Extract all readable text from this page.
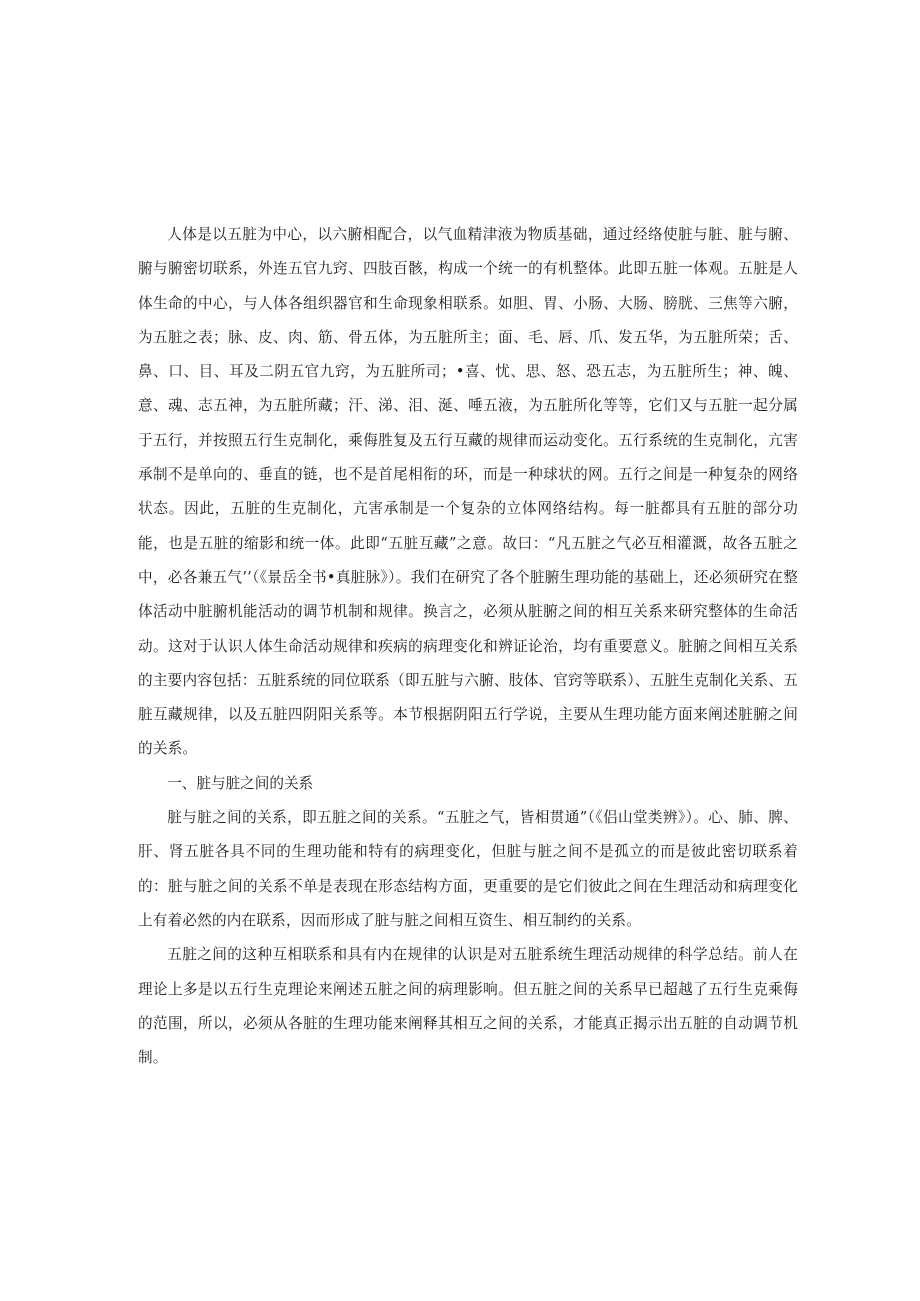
人体是以五脏为中心，以六腑相配合，以气血精津液为物质基础，通过经络使脏与脏、脏与腑、腑与腑密切联系，外连五官九窍、四肢百骸，构成一个统一的有机整体。此即五脏一体观。五脏是人体生命的中心，与人体各组织器官和生命现象相联系。如胆、胃、小肠、大肠、膀胱、三焦等六腑，为五脏之表；脉、皮、肉、筋、骨五体，为五脏所主；面、毛、唇、爪、发五华，为五脏所荣；舌、鼻、口、目、耳及二阴五官九窍，为五脏所司；•喜、忧、思、怒、恐五志，为五脏所生；神、魄、意、魂、志五神，为五脏所藏；汗、涕、泪、涎、唾五液，为五脏所化等等，它们又与五脏一起分属于五行，并按照五行生克制化，乘侮胜复及五行互藏的规律而运动变化。五行系统的生克制化，亢害承制不是单向的、垂直的链，也不是首尾相衔的环，而是一种球状的网。五行之间是一种复杂的网络状态。因此，五脏的生克制化，亢害承制是一个复杂的立体网络结构。每一脏都具有五脏的部分功能，也是五脏的缩影和统一体。此即“五脏互藏”之意。故曰：“凡五脏之气必互相灌溉，故各五脏之中，必各兼五气’’（《景岳全书•真脏脉》）。我们在研究了各个脏腑生理功能的基础上，还必须研究在整体活动中脏腑机能活动的调节机制和规律。换言之，必须从脏腑之间的相互关系来研究整体的生命活动。这对于认识人体生命活动规律和疾病的病理变化和辨证论治，均有重要意义。脏腑之间相互关系的主要内容包括：五脏系统的同位联系（即五脏与六腑、肢体、官窍等联系）、五脏生克制化关系、五脏互藏规律，以及五脏四阴阳关系等。本节根据阴阳五行学说，主要从生理功能方面来阐述脏腑之间的关系。

一、脏与脏之间的关系

脏与脏之间的关系，即五脏之间的关系。“五脏之气，皆相贯通”（《侣山堂类辨》）。心、肺、脾、肝、肾五脏各具不同的生理功能和特有的病理变化，但脏与脏之间不是孤立的而是彼此密切联系着的：脏与脏之间的关系不单是表现在形态结构方面，更重要的是它们彼此之间在生理活动和病理变化上有着必然的内在联系，因而形成了脏与脏之间相互资生、相互制约的关系。

五脏之间的这种互相联系和具有内在规律的认识是对五脏系统生理活动规律的科学总结。前人在理论上多是以五行生克理论来阐述五脏之间的病理影响。但五脏之间的关系早已超越了五行生克乘侮的范围，所以，必须从各脏的生理功能来阐释其相互之间的关系，才能真正揭示出五脏的自动调节机制。
